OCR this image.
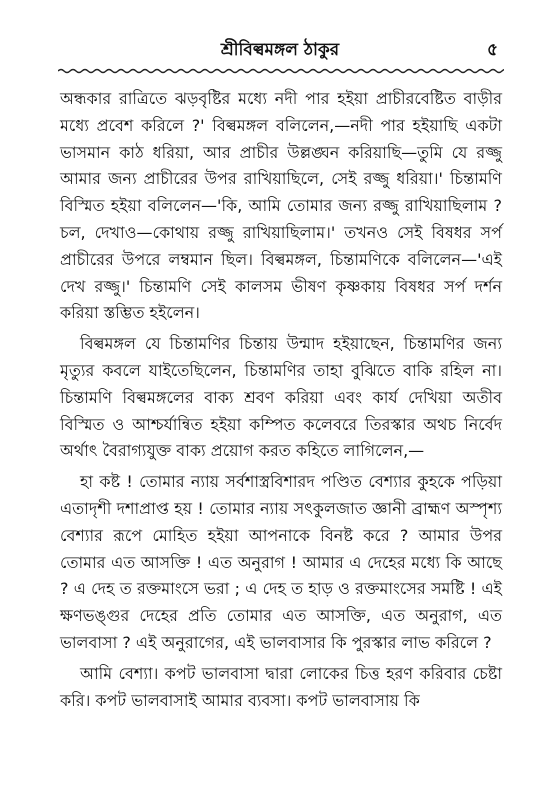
শ্রীবিল্বমঙ্গল ঠাকুর	৫

অন্ধকার রাত্রিতে ঝড়বৃষ্টির মধ্যে নদী পার হইয়া প্রাচীরবেষ্টিত বাড়ীর মধ্যে প্রবেশ করিলে ?' বিল্বমঙ্গল বলিলেন,—নদী পার হইয়াছি একটা ভাসমান কাঠ ধরিয়া, আর প্রাচীর উল্লঙ্ঘন করিয়াছি—তুমি যে রজ্জু আমার জন্য প্রাচীরের উপর রাখিয়াছিলে, সেই রজ্জু ধরিয়া।' চিন্তামণি বিস্মিত হইয়া বলিলেন—'কি, আমি তোমার জন্য রজ্জু রাখিয়াছিলাম ? চল, দেখাও—কোথায় রজ্জু রাখিয়াছিলাম।' তখনও সেই বিষধর সর্প প্রাচীরের উপরে লম্বমান ছিল। বিল্বমঙ্গল, চিন্তামণিকে বলিলেন—'এই দেখ রজ্জু।' চিন্তামণি সেই কালসম ভীষণ কৃষ্ণকায় বিষধর সর্প দর্শন করিয়া স্তম্ভিত হইলেন।

বিল্বমঙ্গল যে চিন্তামণির চিন্তায় উন্মাদ হইয়াছেন, চিন্তামণির জন্য মৃত্যুর কবলে যাইতেছিলেন, চিন্তামণির তাহা বুঝিতে বাকি রহিল না। চিন্তামণি বিল্বমঙ্গলের বাক্য শ্রবণ করিয়া এবং কার্য দেখিয়া অতীব বিস্মিত ও আশ্চর্যান্বিত হইয়া কম্পিত কলেবরে তিরস্কার অথচ নির্বেদ অর্থাৎ বৈরাগ্যযুক্ত বাক্য প্রয়োগ করত কহিতে লাগিলেন,—

হা কষ্ট ! তোমার ন্যায় সর্বশাস্ত্রবিশারদ পণ্ডিত বেশ্যার কুহকে পড়িয়া এতাদৃশী দশাপ্রাপ্ত হয় ! তোমার ন্যায় সৎকুলজাত জ্ঞানী ব্রাহ্মণ অস্পৃশ্য বেশ্যার রূপে মোহিত হইয়া আপনাকে বিনষ্ট করে ? আমার উপর তোমার এত আসক্তি ! এত অনুরাগ ! আমার এ দেহের মধ্যে কি আছে ? এ দেহ ত রক্তমাংসে ভরা ; এ দেহ ত হাড় ও রক্তমাংসের সমষ্টি ! এই ক্ষণভঙ্গুর দেহের প্রতি তোমার এত আসক্তি, এত অনুরাগ, এত ভালবাসা ? এই অনুরাগের, এই ভালবাসার কি পুরস্কার লাভ করিলে ?

আমি বেশ্যা। কপট ভালবাসা দ্বারা লোকের চিত্ত হরণ করিবার চেষ্টা করি। কপট ভালবাসাই আমার ব্যবসা। কপট ভালবাসায় কি
